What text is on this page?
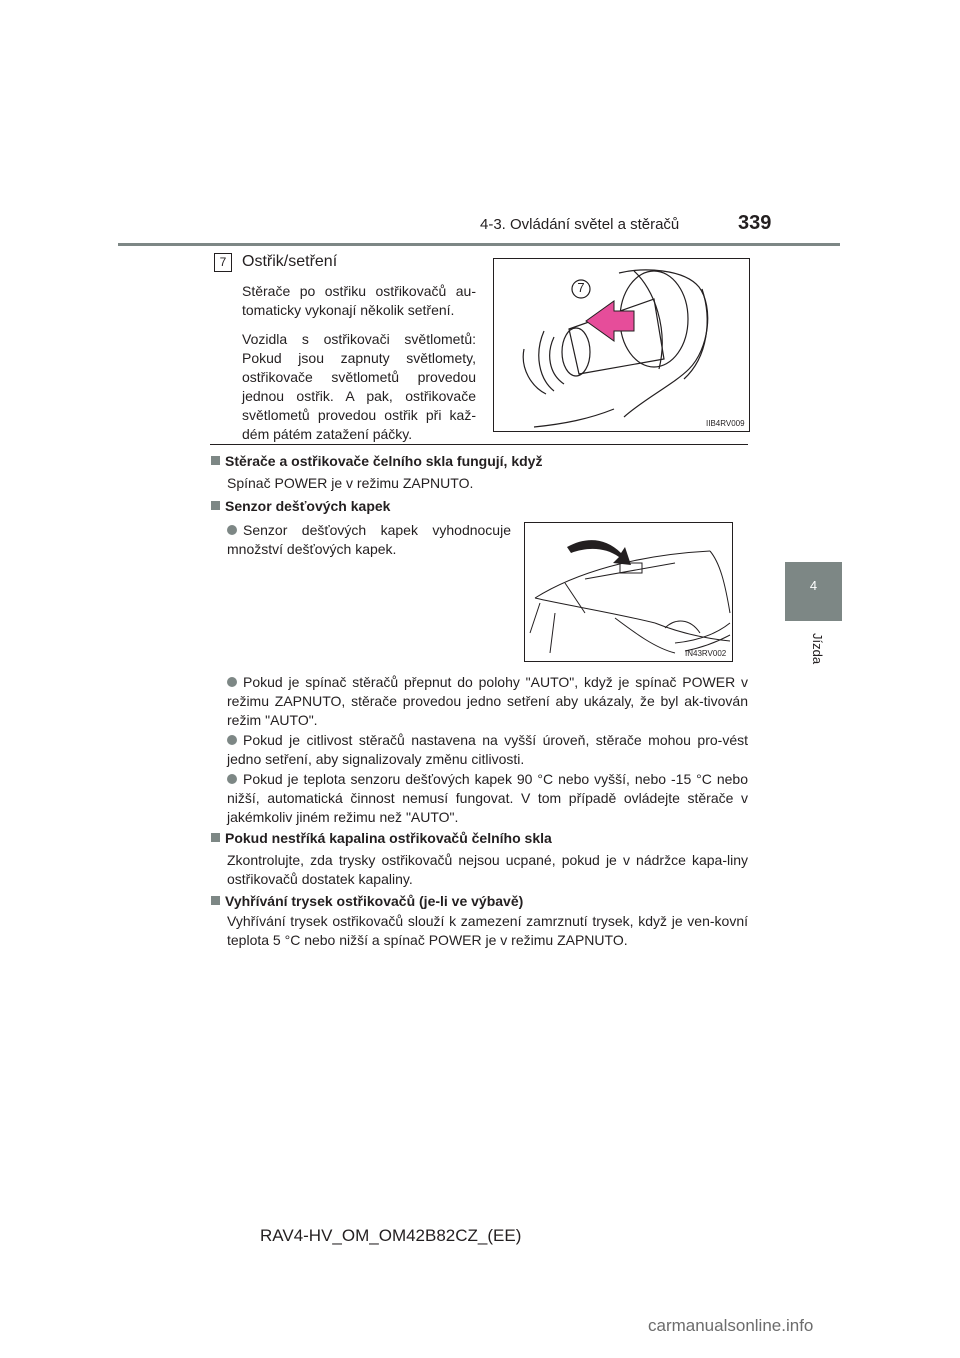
4-3. Ovládání světel a stěračů	339
4
Jízda
7 Ostřik/setření
Stěrače po ostřiku ostřikovačů au-tomaticky vykonají několik setření.
Vozidla s ostřikovači světlometů: Pokud jsou zapnuty světlomety, ostřikovače světlometů provedou jednou ostřik. A pak, ostřikovače světlometů provedou ostřik při kaž-dém pátém zatažení páčky.
7
IIB4RV009
Stěrače a ostřikovače čelního skla fungují, když
Spínač POWER je v režimu ZAPNUTO.
Senzor dešťových kapek
Senzor dešťových kapek vyhodnocuje množství dešťových kapek.
IN43RV002
Pokud je spínač stěračů přepnut do polohy "AUTO", když je spínač POWER v režimu ZAPNUTO, stěrače provedou jedno setření aby ukázaly, že byl ak-tivován režim "AUTO".
Pokud je citlivost stěračů nastavena na vyšší úroveň, stěrače mohou pro-vést jedno setření, aby signalizovaly změnu citlivosti.
Pokud je teplota senzoru dešťových kapek 90 °C nebo vyšší, nebo -15 °C nebo nižší, automatická činnost nemusí fungovat. V tom případě ovládejte stěrače v jakémkoliv jiném režimu než "AUTO".
Pokud nestříká kapalina ostřikovačů čelního skla
Zkontrolujte, zda trysky ostřikovačů nejsou ucpané, pokud je v nádržce kapa-liny ostřikovačů dostatek kapaliny.
Vyhřívání trysek ostřikovačů (je-li ve výbavě)
Vyhřívání trysek ostřikovačů slouží k zamezení zamrznutí trysek, když je ven-kovní teplota 5 °C nebo nižší a spínač POWER je v režimu ZAPNUTO.
RAV4-HV_OM_OM42B82CZ_(EE)
carmanualsonline.info
